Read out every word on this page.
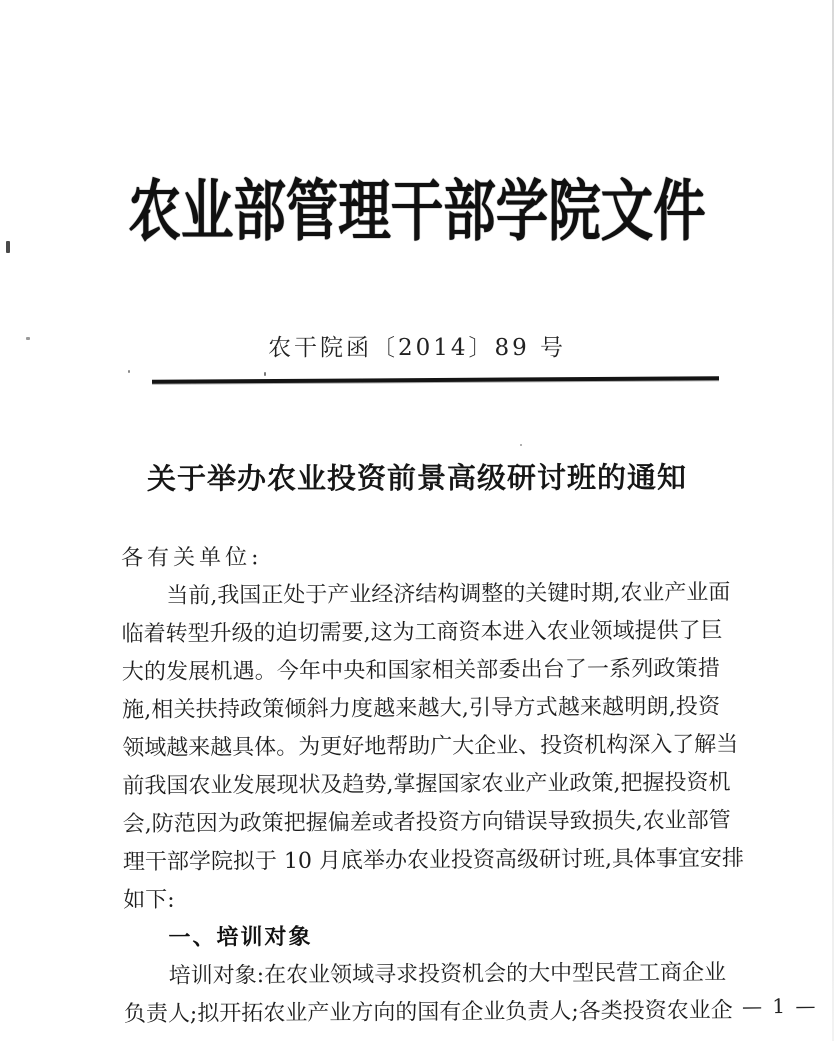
农业部管理干部学院文件
农干院函〔2014〕89 号
关于举办农业投资前景高级研讨班的通知
各有关单位:
当前,我国正处于产业经济结构调整的关键时期,农业产业面
临着转型升级的迫切需要,这为工商资本进入农业领域提供了巨
大的发展机遇。今年中央和国家相关部委出台了一系列政策措
施,相关扶持政策倾斜力度越来越大,引导方式越来越明朗,投资
领域越来越具体。为更好地帮助广大企业、投资机构深入了解当
前我国农业发展现状及趋势,掌握国家农业产业政策,把握投资机
会,防范因为政策把握偏差或者投资方向错误导致损失,农业部管
理干部学院拟于 10 月底举办农业投资高级研讨班,具体事宜安排
如下:
一、培训对象
培训对象:在农业领域寻求投资机会的大中型民营工商企业
负责人;拟开拓农业产业方向的国有企业负责人;各类投资农业企 — 1 —
